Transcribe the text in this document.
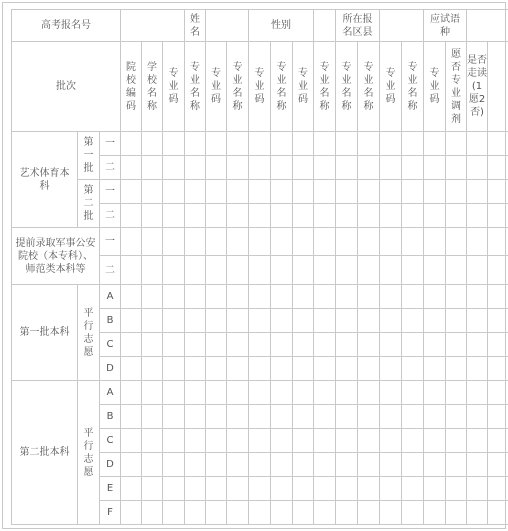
高考报名号						姓名			性别				所在报名区县				应试语种			
批次			院校编码	学校名称	专业码	专业名称	专业码	专业名称	专业码	专业名称	专业码	专业名称	专业名称	专业名称	专业码	专业名称	专业码	愿否专业调剂	是否走读(1愿2否)	
艺术体育本科	第一批	一																		
		二																		
	第二批	一																		
		二																		
提前录取军事公安院校（本专科）、师范类本科等		一																		
		二																		
第一批本科	平行志愿	A																		
		B																		
		C																		
		D																		
第二批本科	平行志愿	A																		
		B																		
		C																		
		D																		
		E																		
		F																		
